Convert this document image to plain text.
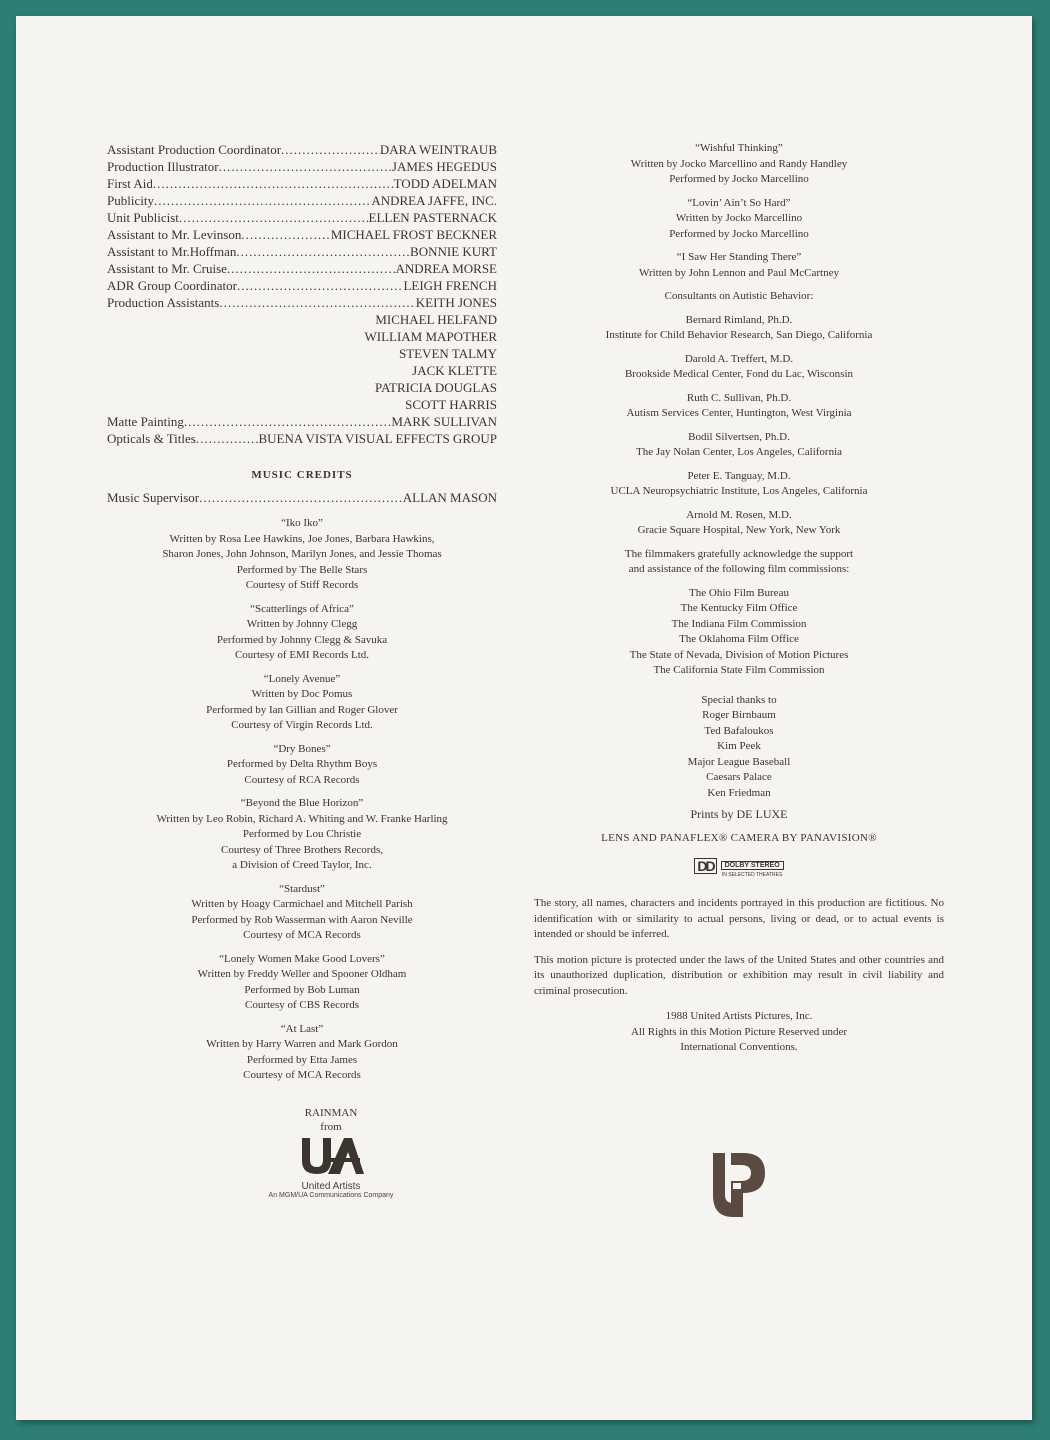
Assistant Production Coordinator .....	DARA WEINTRAUB
Production Illustrator .....	JAMES HEGEDUS
First Aid .....	TODD ADELMAN
Publicity .....	ANDREA JAFFE, INC.
Unit Publicist .....	ELLEN PASTERNACK
Assistant to Mr. Levinson .....	MICHAEL FROST BECKNER
Assistant to Mr.Hoffman .....	BONNIE KURT
Assistant to Mr. Cruise .....	ANDREA MORSE
ADR Group Coordinator .....	LEIGH FRENCH
Production Assistants .....	KEITH JONES
MICHAEL HELFAND
WILLIAM MAPOTHER
STEVEN TALMY
JACK KLETTE
PATRICIA DOUGLAS
SCOTT HARRIS
Matte Painting .....	MARK SULLIVAN
Opticals & Titles .....	BUENA VISTA VISUAL EFFECTS GROUP
MUSIC CREDITS
Music Supervisor .....	ALLAN MASON
“Iko Iko”
Written by Rosa Lee Hawkins, Joe Jones, Barbara Hawkins,
Sharon Jones, John Johnson, Marilyn Jones, and Jessie Thomas
Performed by The Belle Stars
Courtesy of Stiff Records
“Scatterlings of Africa”
Written by Johnny Clegg
Performed by Johnny Clegg & Savuka
Courtesy of EMI Records Ltd.
“Lonely Avenue”
Written by Doc Pomus
Performed by Ian Gillian and Roger Glover
Courtesy of Virgin Records Ltd.
“Dry Bones”
Performed by Delta Rhythm Boys
Courtesy of RCA Records
“Beyond the Blue Horizon”
Written by Leo Robin, Richard A. Whiting and W. Franke Harling
Performed by Lou Christie
Courtesy of Three Brothers Records,
a Division of Creed Taylor, Inc.
“Stardust”
Written by Hoagy Carmichael and Mitchell Parish
Performed by Rob Wasserman with Aaron Neville
Courtesy of MCA Records
“Lonely Women Make Good Lovers”
Written by Freddy Weller and Spooner Oldham
Performed by Bob Luman
Courtesy of CBS Records
“At Last”
Written by Harry Warren and Mark Gordon
Performed by Etta James
Courtesy of MCA Records
RAINMAN
from
United Artists
An MGM/UA Communications Company
“Wishful Thinking”
Written by Jocko Marcellino and Randy Handley
Performed by Jocko Marcellino
“Lovin’ Ain’t So Hard”
Written by Jocko Marcellino
Performed by Jocko Marcellino
“I Saw Her Standing There”
Written by John Lennon and Paul McCartney
Consultants on Autistic Behavior:
Bernard Rimland, Ph.D.
Institute for Child Behavior Research, San Diego, California
Darold A. Treffert, M.D.
Brookside Medical Center, Fond du Lac, Wisconsin
Ruth C. Sullivan, Ph.D.
Autism Services Center, Huntington, West Virginia
Bodil Silvertsen, Ph.D.
The Jay Nolan Center, Los Angeles, California
Peter E. Tanguay, M.D.
UCLA Neuropsychiatric Institute, Los Angeles, California
Arnold M. Rosen, M.D.
Gracie Square Hospital, New York, New York
The filmmakers gratefully acknowledge the support
and assistance of the following film commissions:
The Ohio Film Bureau
The Kentucky Film Office
The Indiana Film Commission
The Oklahoma Film Office
The State of Nevada, Division of Motion Pictures
The California State Film Commission
Special thanks to
Roger Birnbaum
Ted Bafaloukos
Kim Peek
Major League Baseball
Caesars Palace
Ken Friedman
Prints by DE LUXE
LENS AND PANAFLEX® CAMERA BY PANAVISION®
DD	DOLBY STEREO
IN SELECTED THEATRES

The story, all names, characters and incidents portrayed in this production are fictitious. No identification with or similarity to actual persons, living or dead, or to actual events is intended or should be inferred.

This motion picture is protected under the laws of the United States and other countries and its unauthorized duplication, distribution or exhibition may result in civil liability and criminal prosecution.

1988 United Artists Pictures, Inc.
All Rights in this Motion Picture Reserved under
International Conventions.
